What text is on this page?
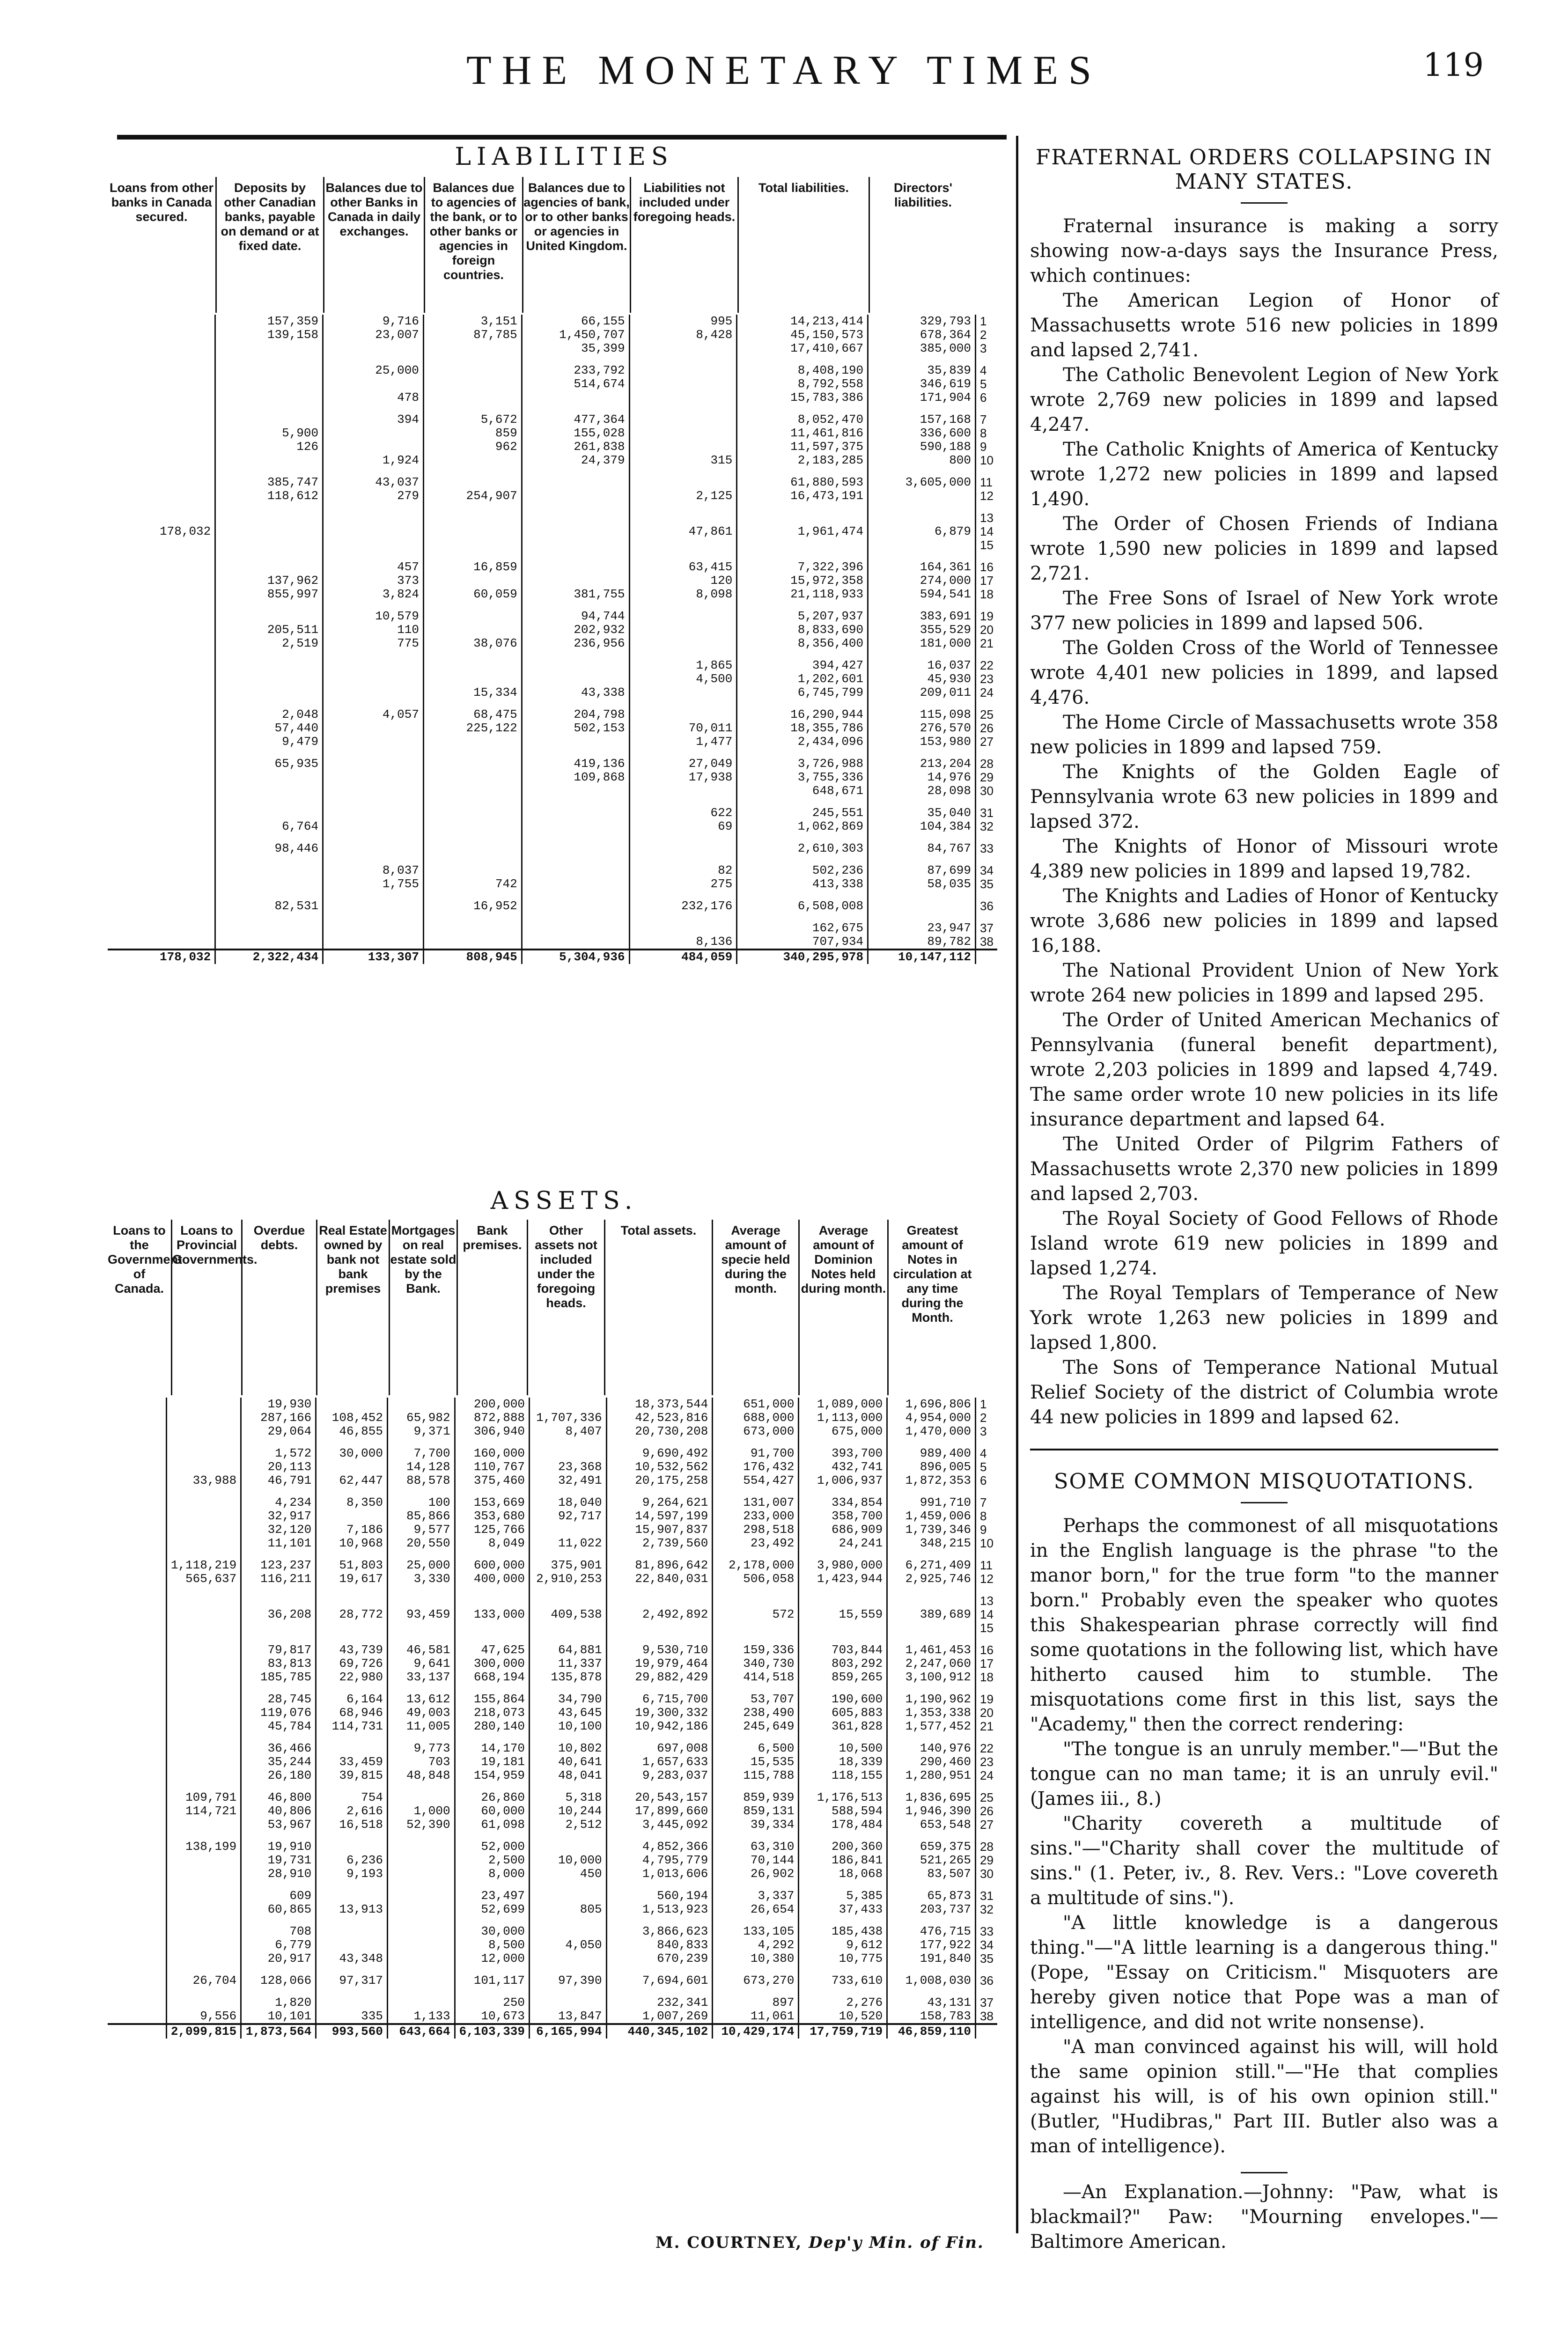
THE MONETARY TIMES	119
LIABILITIES
Loans from other banks in Canada secured.
Deposits by other Canadian banks, payable on demand or at fixed date.
Balances due to other Banks in Canada in daily exchanges.
Balances due to agencies of the bank, or to other banks or agencies in foreign countries.
Balances due to agencies of bank, or to other banks or agencies in United Kingdom.
Liabilities not included under foregoing heads.
Total liabilities.	Directors' liabilities.
	157,359	9,716	3,151	66,155	995	14,213,414	329,793	1
	139,158	23,007	87,785	1,450,707	8,428	45,150,573	678,364	2
				35,399		17,410,667	385,000	3

		25,000		233,792		8,408,190	35,839	4
				514,674		8,792,558	346,619	5
		478				15,783,386	171,904	6

		394	5,672	477,364		8,052,470	157,168	7
	5,900		859	155,028		11,461,816	336,600	8
	126		962	261,838		11,597,375	590,188	9
		1,924		24,379	315	2,183,285	800	10

	385,747	43,037				61,880,593	3,605,000	11
	118,612	279	254,907		2,125	16,473,191		12

								13
178,032					47,861	1,961,474	6,879	14
								15

		457	16,859		63,415	7,322,396	164,361	16
	137,962	373			120	15,972,358	274,000	17
	855,997	3,824	60,059	381,755	8,098	21,118,933	594,541	18

		10,579		94,744		5,207,937	383,691	19
	205,511	110		202,932		8,833,690	355,529	20
	2,519	775	38,076	236,956		8,356,400	181,000	21

					1,865	394,427	16,037	22
					4,500	1,202,601	45,930	23
			15,334	43,338		6,745,799	209,011	24

	2,048	4,057	68,475	204,798		16,290,944	115,098	25
	57,440		225,122	502,153	70,011	18,355,786	276,570	26
	9,479				1,477	2,434,096	153,980	27

	65,935			419,136	27,049	3,726,988	213,204	28
				109,868	17,938	3,755,336	14,976	29
						648,671	28,098	30

					622	245,551	35,040	31
	6,764				69	1,062,869	104,384	32

	98,446					2,610,303	84,767	33

		8,037			82	502,236	87,699	34
		1,755	742		275	413,338	58,035	35

	82,531		16,952		232,176	6,508,008		36

						162,675	23,947	37
					8,136	707,934	89,782	38
178,032	2,322,434	133,307	808,945	5,304,936	484,059	340,295,978	10,147,112	
ASSETS.
Loans to the Government of Canada.
Loans to Provincial Governments.
Overdue debts.
Real Estate owned by bank not bank premises
Mortgages on real estate sold by the Bank.
Bank premises.
Other assets not included under the foregoing heads.
Total assets.	Average amount of specie held during the month.
Average amount of Dominion Notes held during month.
Greatest amount of Notes in circulation at any time during the Month.
		19,930			200,000		18,373,544	651,000	1,089,000	1,696,806	1
		287,166	108,452	65,982	872,888	1,707,336	42,523,816	688,000	1,113,000	4,954,000	2
		29,064	46,855	9,371	306,940	8,407	20,730,208	673,000	675,000	1,470,000	3

		1,572	30,000	7,700	160,000		9,690,492	91,700	393,700	989,400	4
		20,113		14,128	110,767	23,368	10,532,562	176,432	432,741	896,005	5
	33,988	46,791	62,447	88,578	375,460	32,491	20,175,258	554,427	1,006,937	1,872,353	6

		4,234	8,350	100	153,669	18,040	9,264,621	131,007	334,854	991,710	7
		32,917		85,866	353,680	92,717	14,597,199	233,000	358,700	1,459,006	8
		32,120	7,186	9,577	125,766		15,907,837	298,518	686,909	1,739,346	9
		11,101	10,968	20,550	8,049	11,022	2,739,560	23,492	24,241	348,215	10

	1,118,219	123,237	51,803	25,000	600,000	375,901	81,896,642	2,178,000	3,980,000	6,271,409	11
	565,637	116,211	19,617	3,330	400,000	2,910,253	22,840,031	506,058	1,423,944	2,925,746	12

											13
		36,208	28,772	93,459	133,000	409,538	2,492,892	572	15,559	389,689	14
											15

		79,817	43,739	46,581	47,625	64,881	9,530,710	159,336	703,844	1,461,453	16
		83,813	69,726	9,641	300,000	11,337	19,979,464	340,730	803,292	2,247,060	17
		185,785	22,980	33,137	668,194	135,878	29,882,429	414,518	859,265	3,100,912	18

		28,745	6,164	13,612	155,864	34,790	6,715,700	53,707	190,600	1,190,962	19
		119,076	68,946	49,003	218,073	43,645	19,300,332	238,490	605,883	1,353,338	20
		45,784	114,731	11,005	280,140	10,100	10,942,186	245,649	361,828	1,577,452	21

		36,466		9,773	14,170	10,802	697,008	6,500	10,500	140,976	22
		35,244	33,459	703	19,181	40,641	1,657,633	15,535	18,339	290,460	23
		26,180	39,815	48,848	154,959	48,041	9,283,037	115,788	118,155	1,280,951	24

	109,791	46,800	754		26,860	5,318	20,543,157	859,939	1,176,513	1,836,695	25
	114,721	40,806	2,616	1,000	60,000	10,244	17,899,660	859,131	588,594	1,946,390	26
		53,967	16,518	52,390	61,098	2,512	3,445,092	39,334	178,484	653,548	27

	138,199	19,910			52,000		4,852,366	63,310	200,360	659,375	28
		19,731	6,236		2,500	10,000	4,795,779	70,144	186,841	521,265	29
		28,910	9,193		8,000	450	1,013,606	26,902	18,068	83,507	30

		609			23,497		560,194	3,337	5,385	65,873	31
		60,865	13,913		52,699	805	1,513,923	26,654	37,433	203,737	32

		708			30,000		3,866,623	133,105	185,438	476,715	33
		6,779			8,500	4,050	840,833	4,292	9,612	177,922	34
		20,917	43,348		12,000		670,239	10,380	10,775	191,840	35

	26,704	128,066	97,317		101,117	97,390	7,694,601	673,270	733,610	1,008,030	36

		1,820			250		232,341	897	2,276	43,131	37
	9,556	10,101	335	1,133	10,673	13,847	1,007,269	11,061	10,520	158,783	38
	2,099,815	1,873,564	993,560	643,664	6,103,339	6,165,994	440,345,102	10,429,174	17,759,719	46,859,110	
M. COURTNEY, Dep'y Min. of Fin.
FRATERNAL ORDERS COLLAPSING IN MANY STATES.

Fraternal insurance is making a sorry showing now-a-days says the Insurance Press, which continues:

The American Legion of Honor of Massachusetts wrote 516 new policies in 1899 and lapsed 2,741.

The Catholic Benevolent Legion of New York wrote 2,769 new policies in 1899 and lapsed 4,247.

The Catholic Knights of America of Kentucky wrote 1,272 new policies in 1899 and lapsed 1,490.

The Order of Chosen Friends of Indiana wrote 1,590 new policies in 1899 and lapsed 2,721.

The Free Sons of Israel of New York wrote 377 new policies in 1899 and lapsed 506.

The Golden Cross of the World of Tennessee wrote 4,401 new policies in 1899, and lapsed 4,476.

The Home Circle of Massachusetts wrote 358 new policies in 1899 and lapsed 759.

The Knights of the Golden Eagle of Pennsylvania wrote 63 new policies in 1899 and lapsed 372.

The Knights of Honor of Missouri wrote 4,389 new policies in 1899 and lapsed 19,782.

The Knights and Ladies of Honor of Kentucky wrote 3,686 new policies in 1899 and lapsed 16,188.

The National Provident Union of New York wrote 264 new policies in 1899 and lapsed 295.

The Order of United American Mechanics of Pennsylvania (funeral benefit department), wrote 2,203 policies in 1899 and lapsed 4,749. The same order wrote 10 new policies in its life insurance department and lapsed 64.

The United Order of Pilgrim Fathers of Massachusetts wrote 2,370 new policies in 1899 and lapsed 2,703.

The Royal Society of Good Fellows of Rhode Island wrote 619 new policies in 1899 and lapsed 1,274.

The Royal Templars of Temperance of New York wrote 1,263 new policies in 1899 and lapsed 1,800.

The Sons of Temperance National Mutual Relief Society of the district of Columbia wrote 44 new policies in 1899 and lapsed 62.

SOME COMMON MISQUOTATIONS.

Perhaps the commonest of all misquotations in the English language is the phrase "to the manor born," for the true form "to the manner born." Probably even the speaker who quotes this Shakespearian phrase correctly will find some quotations in the following list, which have hitherto caused him to stumble. The misquotations come first in this list, says the "Academy," then the correct rendering:

"The tongue is an unruly member."—"But the tongue can no man tame; it is an unruly evil." (James iii., 8.)

"Charity covereth a multitude of sins."—"Charity shall cover the multitude of sins." (1. Peter, iv., 8. Rev. Vers.: "Love covereth a multitude of sins.").

"A little knowledge is a dangerous thing."—"A little learning is a dangerous thing." (Pope, "Essay on Criticism." Misquoters are hereby given notice that Pope was a man of intelligence, and did not write nonsense).

"A man convinced against his will, will hold the same opinion still."—"He that complies against his will, is of his own opinion still." (Butler, "Hudibras," Part III. Butler also was a man of intelligence).

—An Explanation.—Johnny: "Paw, what is blackmail?" Paw: "Mourning envelopes."—Baltimore American.
